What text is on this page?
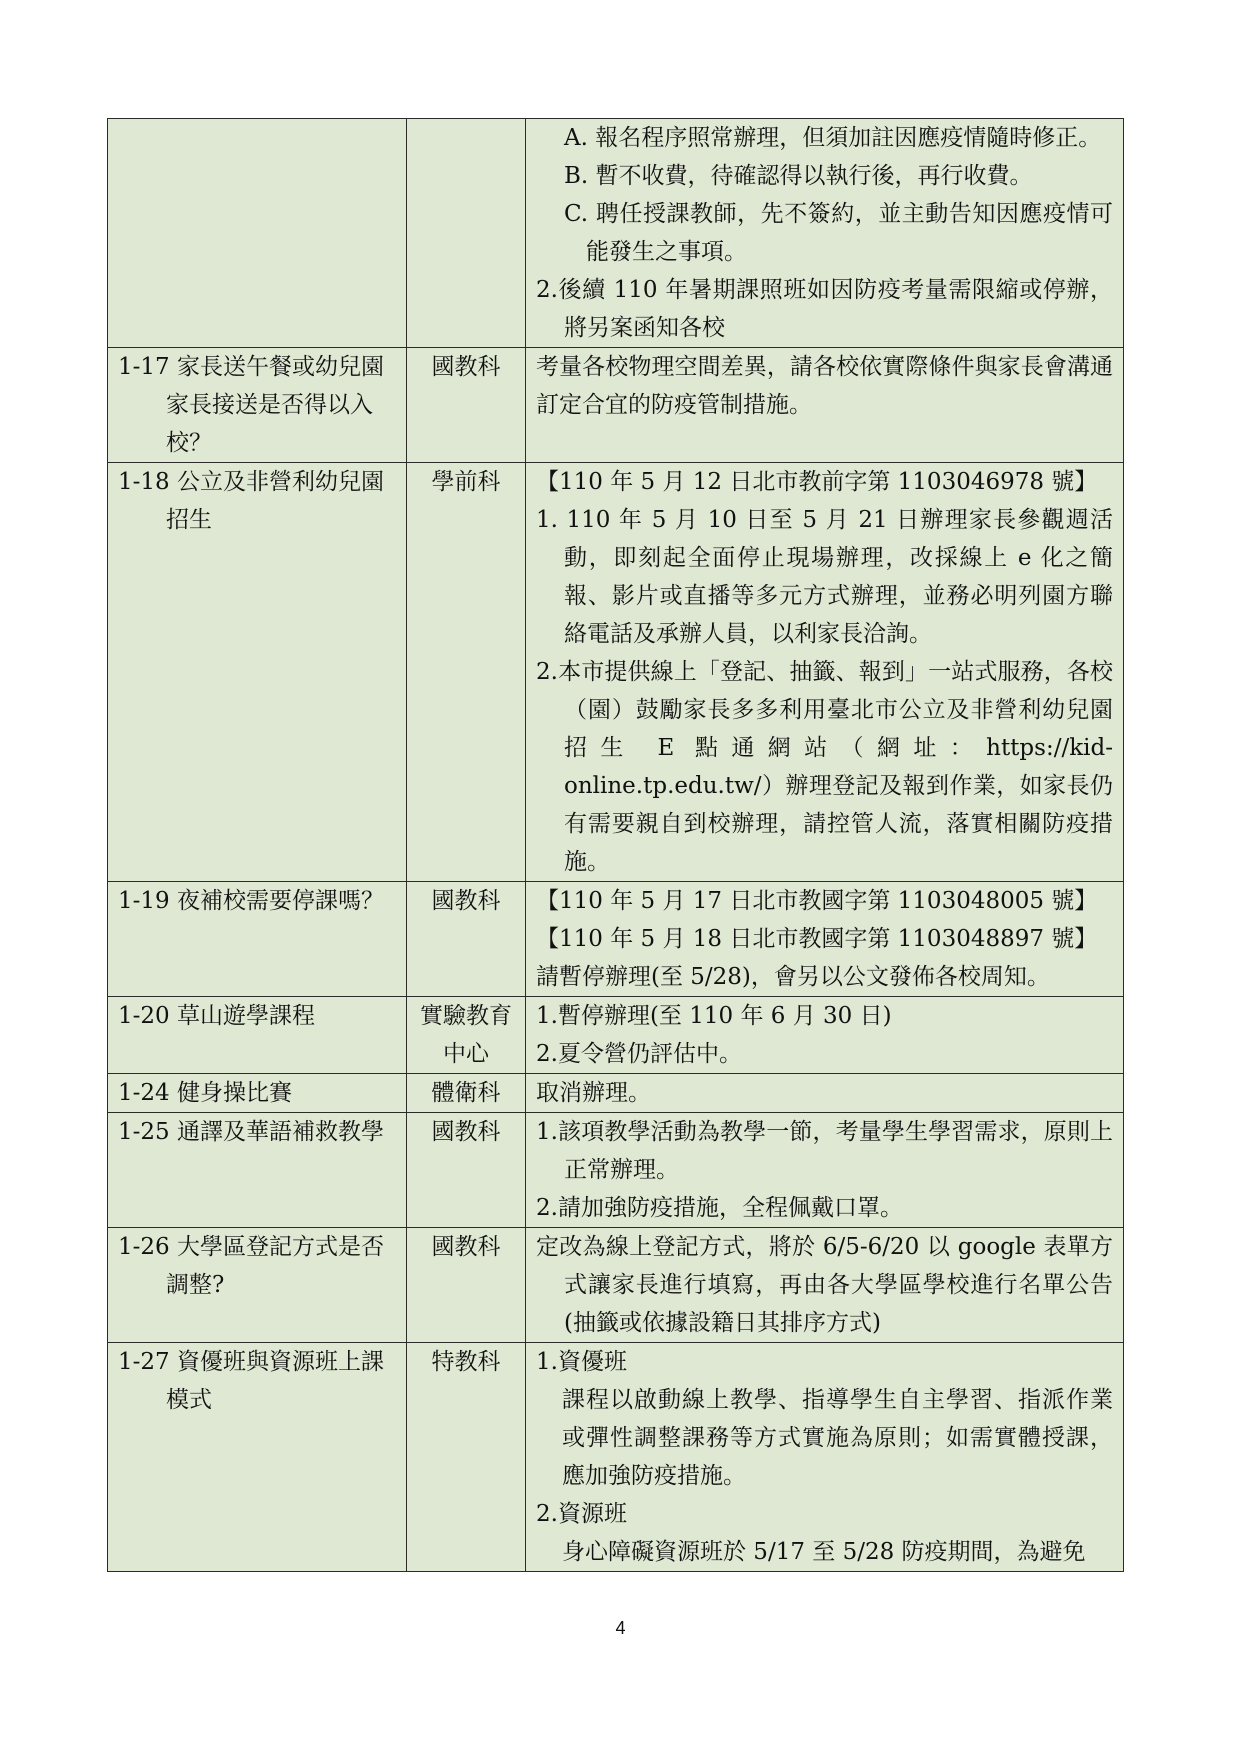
		A. 報名程序照常辦理，但須加註因應疫情隨時修正。
B. 暫不收費，待確認得以執行後，再行收費。
C. 聘任授課教師，先不簽約，並主動告知因應疫情可能發生之事項。
2.後續 110 年暑期課照班如因防疫考量需限縮或停辦，將另案函知各校

1-17 家長送午餐或幼兒園家長接送是否得以入校？	國教科	考量各校物理空間差異，請各校依實際條件與家長會溝通訂定合宜的防疫管制措施。

1-18 公立及非營利幼兒園招生	學前科	【110 年 5 月 12 日北市教前字第 1103046978 號】
1. 110 年 5 月 10 日至 5 月 21 日辦理家長參觀週活動，即刻起全面停止現場辦理，改採線上 e 化之簡報、影片或直播等多元方式辦理，並務必明列園方聯絡電話及承辦人員，以利家長洽詢。
2.本市提供線上「登記、抽籤、報到」一站式服務，各校（園）鼓勵家長多多利用臺北市公立及非營利幼兒園招生 E 點通網站（網址：https://kid-online.tp.edu.tw/）辦理登記及報到作業，如家長仍有需要親自到校辦理，請控管人流，落實相關防疫措施。

1-19 夜補校需要停課嗎？	國教科	【110 年 5 月 17 日北市教國字第 1103048005 號】
【110 年 5 月 18 日北市教國字第 1103048897 號】
請暫停辦理(至 5/28)，會另以公文發佈各校周知。

1-20 草山遊學課程	實驗教育中心	1.暫停辦理(至 110 年 6 月 30 日)
2.夏令營仍評估中。

1-24 健身操比賽	體衛科	取消辦理。

1-25 通譯及華語補救教學	國教科	1.該項教學活動為教學一節，考量學生學習需求，原則上正常辦理。
2.請加強防疫措施，全程佩戴口罩。

1-26 大學區登記方式是否調整?	國教科	定改為線上登記方式，將於 6/5-6/20 以 google 表單方式讓家長進行填寫，再由各大學區學校進行名單公告(抽籤或依據設籍日其排序方式)

1-27 資優班與資源班上課模式	特教科	1.資優班
課程以啟動線上教學、指導學生自主學習、指派作業或彈性調整課務等方式實施為原則；如需實體授課，應加強防疫措施。
2.資源班
身心障礙資源班於 5/17 至 5/28 防疫期間，為避免
4
